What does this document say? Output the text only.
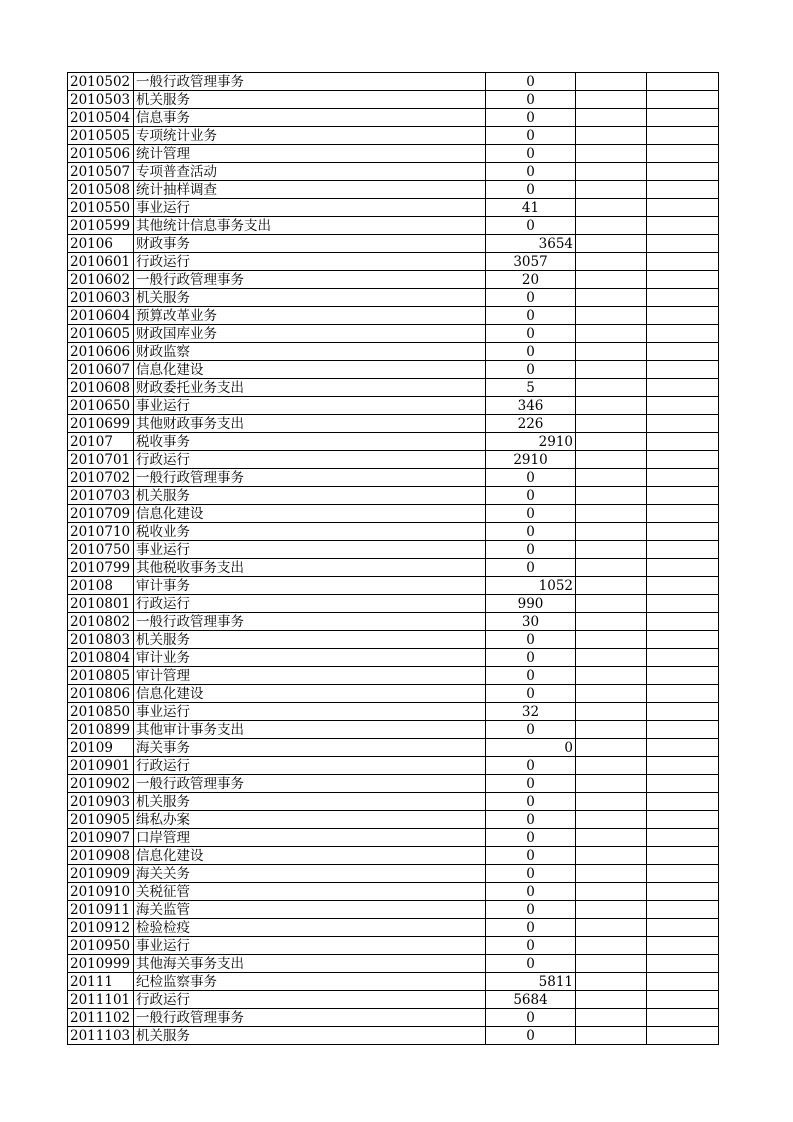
2010502	一般行政管理事务	0		
2010503	机关服务	0		
2010504	信息事务	0		
2010505	专项统计业务	0		
2010506	统计管理	0		
2010507	专项普查活动	0		
2010508	统计抽样调查	0		
2010550	事业运行	41		
2010599	其他统计信息事务支出	0		
20106	财政事务	3654		
2010601	行政运行	3057		
2010602	一般行政管理事务	20		
2010603	机关服务	0		
2010604	预算改革业务	0		
2010605	财政国库业务	0		
2010606	财政监察	0		
2010607	信息化建设	0		
2010608	财政委托业务支出	5		
2010650	事业运行	346		
2010699	其他财政事务支出	226		
20107	税收事务	2910		
2010701	行政运行	2910		
2010702	一般行政管理事务	0		
2010703	机关服务	0		
2010709	信息化建设	0		
2010710	税收业务	0		
2010750	事业运行	0		
2010799	其他税收事务支出	0		
20108	审计事务	1052		
2010801	行政运行	990		
2010802	一般行政管理事务	30		
2010803	机关服务	0		
2010804	审计业务	0		
2010805	审计管理	0		
2010806	信息化建设	0		
2010850	事业运行	32		
2010899	其他审计事务支出	0		
20109	海关事务	0		
2010901	行政运行	0		
2010902	一般行政管理事务	0		
2010903	机关服务	0		
2010905	缉私办案	0		
2010907	口岸管理	0		
2010908	信息化建设	0		
2010909	海关关务	0		
2010910	关税征管	0		
2010911	海关监管	0		
2010912	检验检疫	0		
2010950	事业运行	0		
2010999	其他海关事务支出	0		
20111	纪检监察事务	5811		
2011101	行政运行	5684		
2011102	一般行政管理事务	0		
2011103	机关服务	0		
